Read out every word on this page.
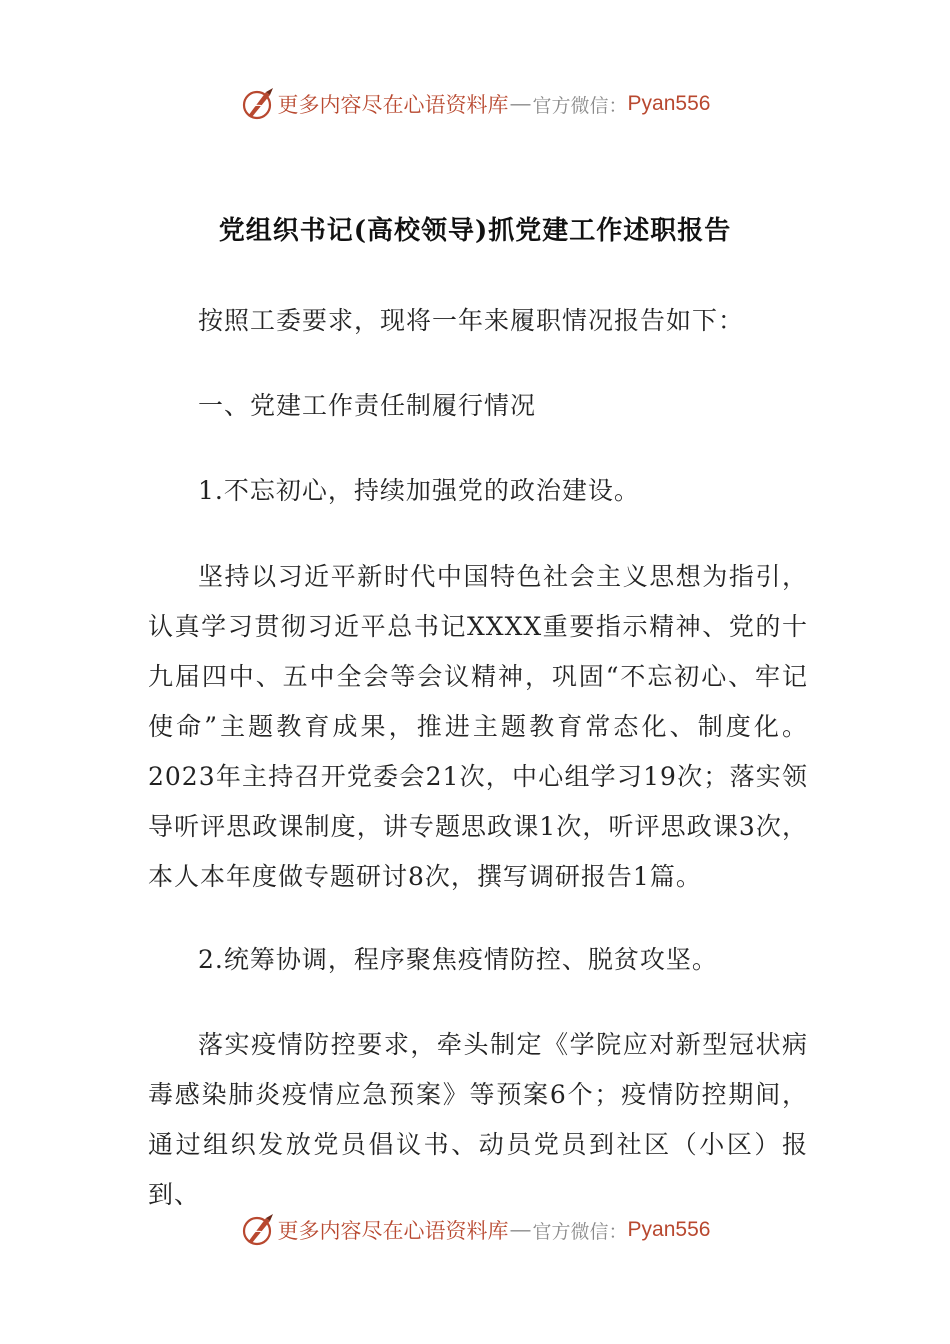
更多内容尽在心语资料库 — 官方微信： Pyan556
党组织书记(高校领导)抓党建工作述职报告
按照工委要求，现将一年来履职情况报告如下：
一、党建工作责任制履行情况
1.不忘初心，持续加强党的政治建设。
坚持以习近平新时代中国特色社会主义思想为指引，认真学习贯彻习近平总书记XXXX重要指示精神、党的十九届四中、五中全会等会议精神，巩固“不忘初心、牢记使命”主题教育成果，推进主题教育常态化、制度化。2023年主持召开党委会21次，中心组学习19次；落实领导听评思政课制度，讲专题思政课1次，听评思政课3次，本人本年度做专题研讨8次，撰写调研报告1篇。
2.统筹协调，程序聚焦疫情防控、脱贫攻坚。
落实疫情防控要求，牵头制定《学院应对新型冠状病毒感染肺炎疫情应急预案》等预案6个；疫情防控期间，通过组织发放党员倡议书、动员党员到社区（小区）报到、
更多内容尽在心语资料库 — 官方微信： Pyan556
